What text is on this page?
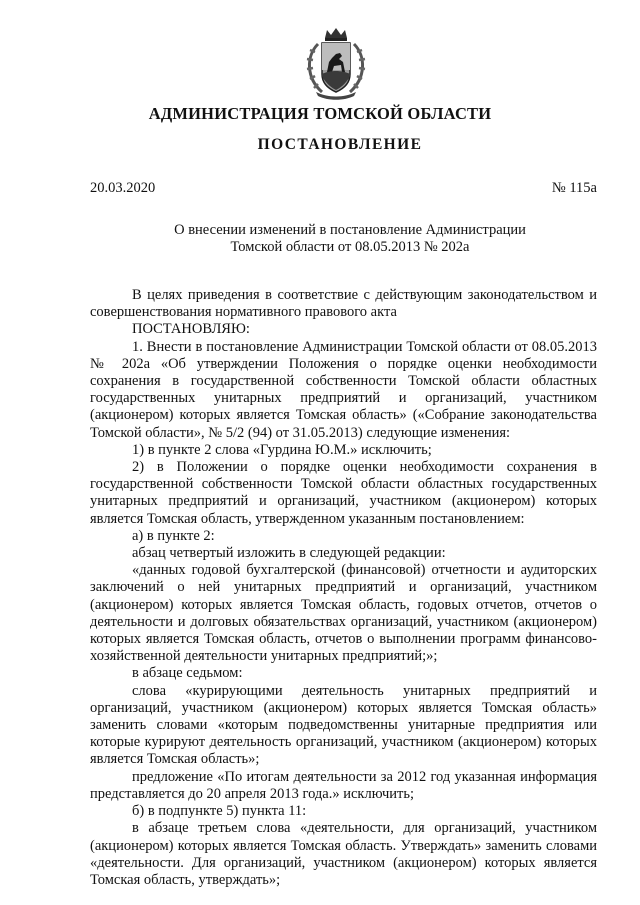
АДМИНИСТРАЦИЯ ТОМСКОЙ ОБЛАСТИ
ПОСТАНОВЛЕНИЕ
20.03.2020	№ 115а
О внесении изменений в постановление Администрации
Томской области от 08.05.2013 № 202а

В целях приведения в соответствие с действующим законодательством и совершенствования нормативного правового акта

ПОСТАНОВЛЯЮ:

1. Внести в постановление Администрации Томской области от 08.05.2013 № 202а «Об утверждении Положения о порядке оценки необходимости сохранения в государственной собственности Томской области областных государственных унитарных предприятий и организаций, участником (акционером) которых является Томская область» («Собрание законодательства Томской области», № 5/2 (94) от 31.05.2013) следующие изменения:

1) в пункте 2 слова «Гурдина Ю.М.» исключить;

2) в Положении о порядке оценки необходимости сохранения в государственной собственности Томской области областных государственных унитарных предприятий и организаций, участником (акционером) которых является Томская область, утвержденном указанным постановлением:

а) в пункте 2:

абзац четвертый изложить в следующей редакции:

«данных годовой бухгалтерской (финансовой) отчетности и аудиторских заключений о ней унитарных предприятий и организаций, участником (акционером) которых является Томская область, годовых отчетов, отчетов о деятельности и долговых обязательствах организаций, участником (акционером) которых является Томская область, отчетов о выполнении программ финансово-хозяйственной деятельности унитарных предприятий;»;

в абзаце седьмом:

слова «курирующими деятельность унитарных предприятий и организаций, участником (акционером) которых является Томская область» заменить словами «которым подведомственны унитарные предприятия или которые курируют деятельность организаций, участником (акционером) которых является Томская область»;

предложение «По итогам деятельности за 2012 год указанная информация представляется до 20 апреля 2013 года.» исключить;

б) в подпункте 5) пункта 11:

в абзаце третьем слова «деятельности, для организаций, участником (акционером) которых является Томская область. Утверждать» заменить словами «деятельности. Для организаций, участником (акционером) которых является Томская область, утверждать»;
